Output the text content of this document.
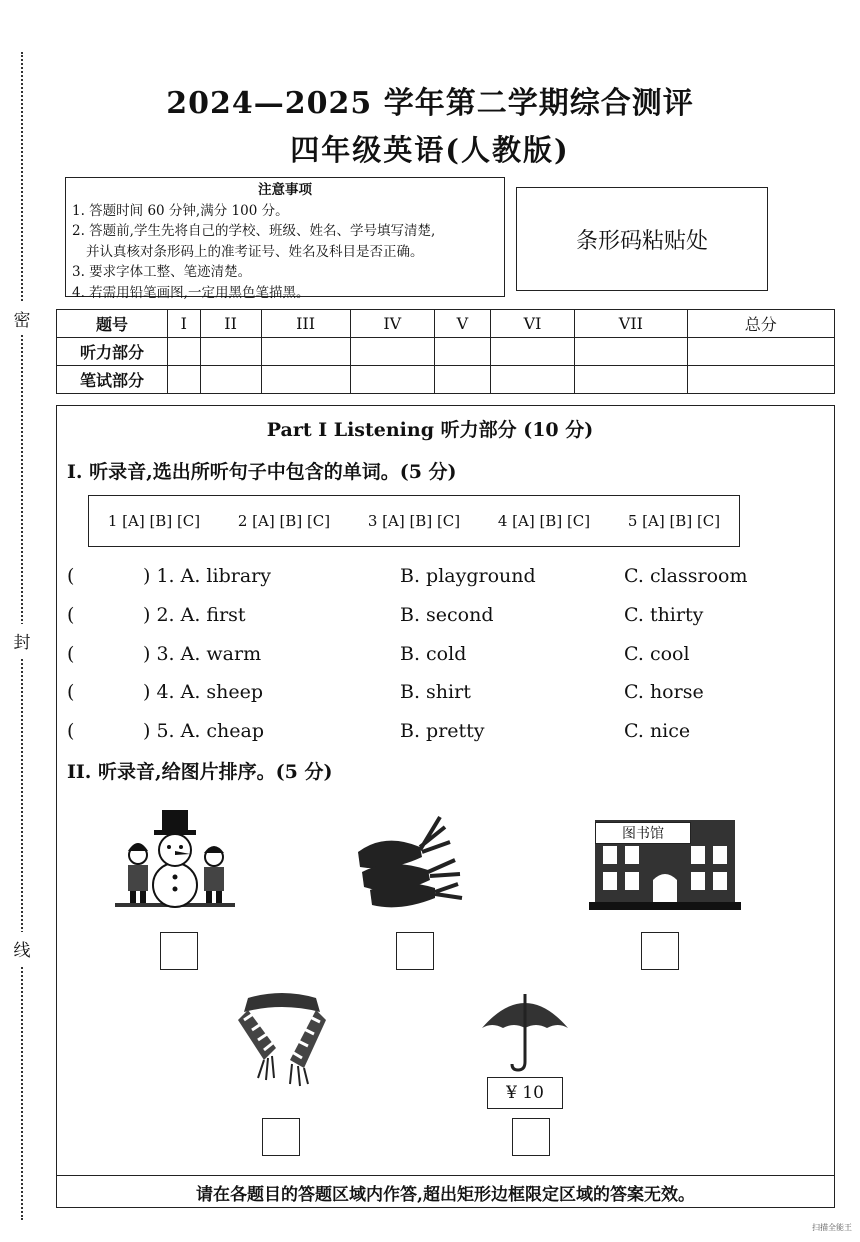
密
封
线
2024—2025 学年第二学期综合测评
四年级英语(人教版)
注意事项
1. 答题时间 60 分钟,满分 100 分。
2. 答题前,学生先将自己的学校、班级、姓名、学号填写清楚,
并认真核对条形码上的准考证号、姓名及科目是否正确。
3. 要求字体工整、笔迹清楚。
4. 若需用铅笔画图,一定用黑色笔描黑。
条形码粘贴处
题号	I	II	III	IV	V	VI	VII	总分
听力部分								
笔试部分								
Part I Listening 听力部分 (10 分)
I. 听录音,选出所听句子中包含的单词。(5 分)
1 [A] [B] [C]	2 [A] [B] [C]	3 [A] [B] [C]	4 [A] [B] [C]	5 [A] [B] [C]
(	) 1. A. library	B. playground	C. classroom
(	) 2. A. first	B. second	C. thirty
(	) 3. A. warm	B. cold	C. cool
(	) 4. A. sheep	B. shirt	C. horse
(	) 5. A. cheap	B. pretty	C. nice
II. 听录音,给图片排序。(5 分)
图书馆
¥ 10
请在各题目的答题区域内作答,超出矩形边框限定区域的答案无效。
扫描全能王
